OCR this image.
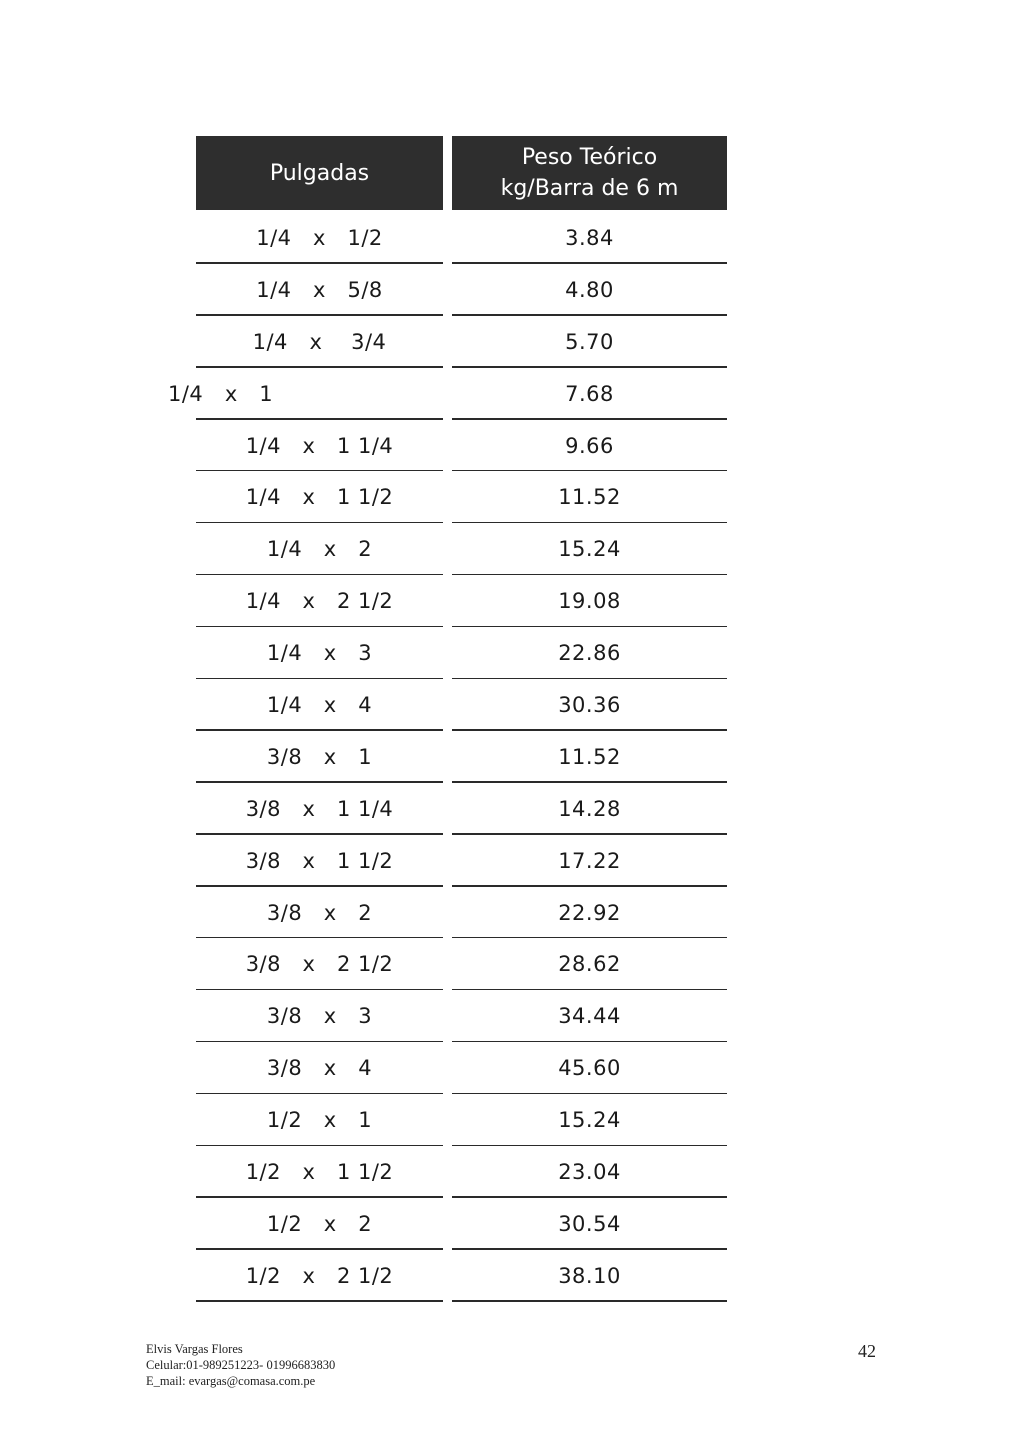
Pulgadas
Peso Teórico
kg/Barra de 6 m
1/4   x   1/2	3.84
1/4   x   5/8	4.80
1/4   x    3/4	5.70
1/4   x   1	7.68
1/4   x   1 1/4	9.66
1/4   x   1 1/2	11.52
1/4   x   2	15.24
1/4   x   2 1/2	19.08
1/4   x   3	22.86
1/4   x   4	30.36
3/8   x   1	11.52
3/8   x   1 1/4	14.28
3/8   x   1 1/2	17.22
3/8   x   2	22.92
3/8   x   2 1/2	28.62
3/8   x   3	34.44
3/8   x   4	45.60
1/2   x   1	15.24
1/2   x   1 1/2	23.04
1/2   x   2	30.54
1/2   x   2 1/2	38.10
Elvis Vargas Flores
Celular:01-989251223- 01996683830
E_mail: evargas@comasa.com.pe
42
